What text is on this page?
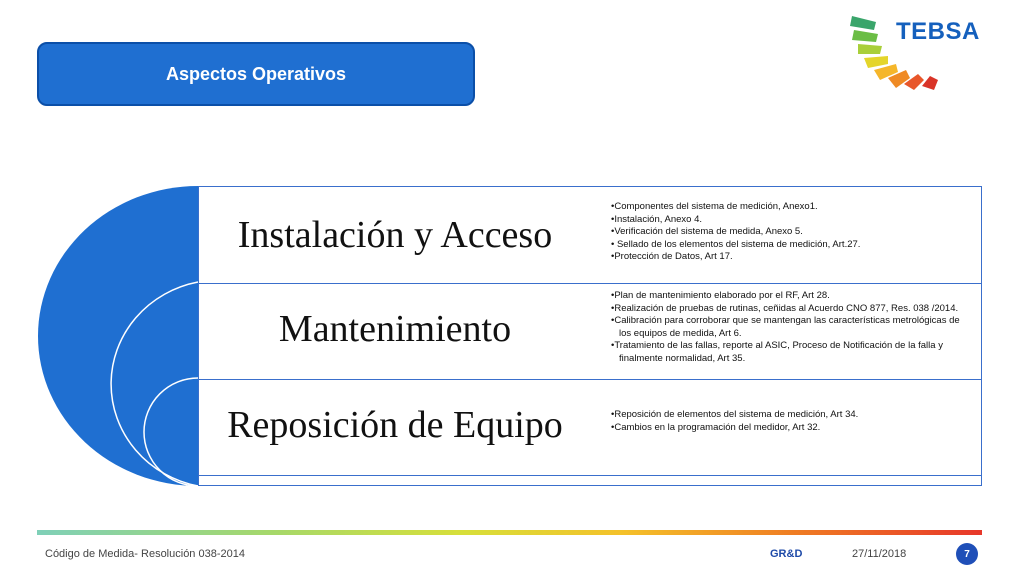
Aspectos Operativos
TEBSA
Instalación y Acceso
• Componentes del sistema de medición, Anexo1.
• Instalación, Anexo 4.
• Verificación del sistema de medida, Anexo 5.
• Sellado de los elementos del sistema de medición, Art.27.
• Protección de Datos, Art 17.
Mantenimiento
• Plan de mantenimiento elaborado por el RF, Art 28.
• Realización de pruebas de rutinas, ceñidas al Acuerdo CNO 877, Res. 038 /2014.
• Calibración para corroborar que se mantengan las características metrológicas de los equipos de medida, Art 6.
• Tratamiento de las fallas, reporte al ASIC, Proceso de Notificación de la falla y finalmente normalidad, Art 35.
Reposición de Equipo
•	Reposición de elementos del sistema de medición, Art 34.
• Cambios en la programación del medidor, Art 32.
Código de Medida- Resolución 038-2014	GR&D	27/11/2018	7
